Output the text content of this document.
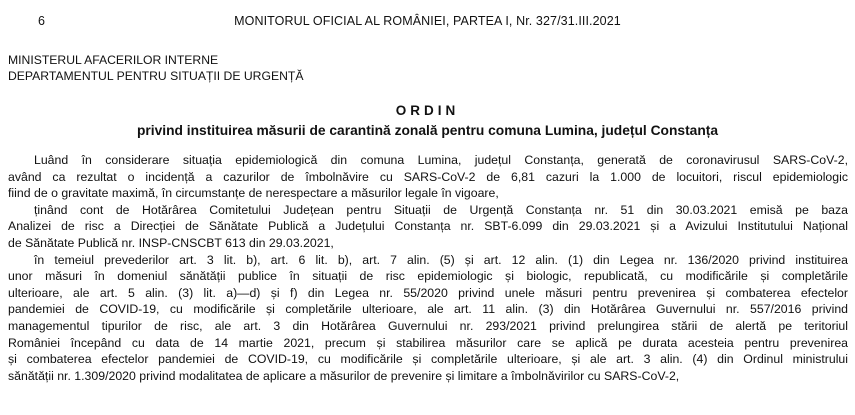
6	MONITORUL OFICIAL AL ROMÂNIEI, PARTEA I, Nr. 327/31.III.2021
MINISTERUL AFACERILOR INTERNE
DEPARTAMENTUL PENTRU SITUAȚII DE URGENȚĂ
ORDIN
privind instituirea măsurii de carantină zonală pentru comuna Lumina, județul Constanța
Luând în considerare situația epidemiologică din comuna Lumina, județul Constanța, generată de coronavirusul SARS-CoV-2,
având ca rezultat o incidență a cazurilor de îmbolnăvire cu SARS-CoV-2 de 6,81 cazuri la 1.000 de locuitori, riscul epidemiologic
fiind de o gravitate maximă, în circumstanțe de nerespectare a măsurilor legale în vigoare,
ținând cont de Hotărârea Comitetului Județean pentru Situații de Urgență Constanța nr. 51 din 30.03.2021 emisă pe baza
Analizei de risc a Direcției de Sănătate Publică a Județului Constanța nr. SBT-6.099 din 29.03.2021 și a Avizului Institutului Național
de Sănătate Publică nr. INSP-CNSCBT 613 din 29.03.2021,
în temeiul prevederilor art. 3 lit. b), art. 6 lit. b), art. 7 alin. (5) și art. 12 alin. (1) din Legea nr. 136/2020 privind instituirea
unor măsuri în domeniul sănătății publice în situații de risc epidemiologic și biologic, republicată, cu modificările și completările
ulterioare, ale art. 5 alin. (3) lit. a)—d) și f) din Legea nr. 55/2020 privind unele măsuri pentru prevenirea și combaterea efectelor
pandemiei de COVID-19, cu modificările și completările ulterioare, ale art. 11 alin. (3) din Hotărârea Guvernului nr. 557/2016 privind
managementul tipurilor de risc, ale art. 3 din Hotărârea Guvernului nr. 293/2021 privind prelungirea stării de alertă pe teritoriul
României începând cu data de 14 martie 2021, precum și stabilirea măsurilor care se aplică pe durata acesteia pentru prevenirea
și combaterea efectelor pandemiei de COVID-19, cu modificările și completările ulterioare, și ale art. 3 alin. (4) din Ordinul ministrului
sănătății nr. 1.309/2020 privind modalitatea de aplicare a măsurilor de prevenire și limitare a îmbolnăvirilor cu SARS-CoV-2,
